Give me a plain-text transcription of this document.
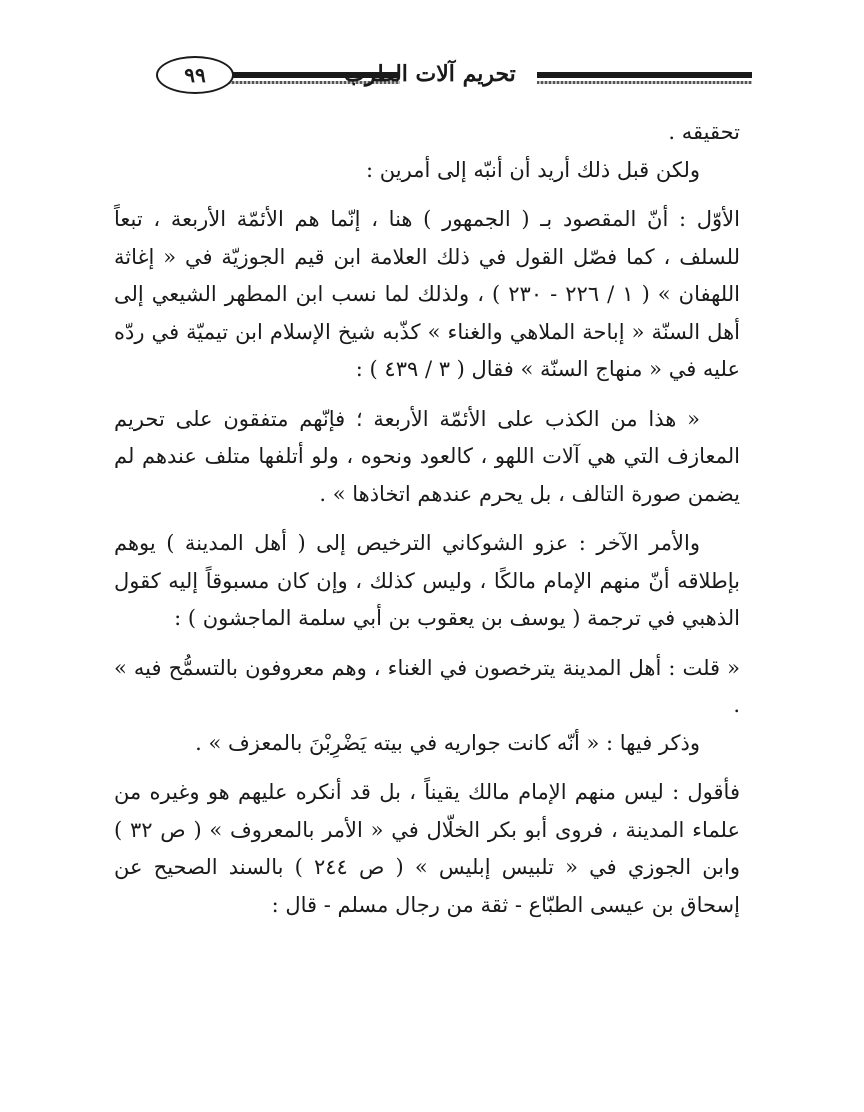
تحريم آلات الطرب
٩٩

تحقيقه .

ولكن قبل ذلك أريد أن أنبّه إلى أمرين :

الأوّل : أنّ المقصود بـ ( الجمهور ) هنا ، إنّما هم الأئمّة الأربعة ، تبعاً للسلف ، كما فصّل القول في ذلك العلامة ابن قيم الجوزيّة في « إغاثة اللهفان » ( ١ / ٢٢٦ - ٢٣٠ ) ، ولذلك لما نسب ابن المطهر الشيعي إلى أهل السنّة « إباحة الملاهي والغناء » كذّبه شيخ الإسلام ابن تيميّة في ردّه عليه في « منهاج السنّة » فقال ( ٣ / ٤٣٩ ) :

« هذا من الكذب على الأئمّة الأربعة ؛ فإنّهم متفقون على تحريم المعازف التي هي آلات اللهو ، كالعود ونحوه ، ولو أتلفها متلف عندهم لم يضمن صورة التالف ، بل يحرم عندهم اتخاذها » .

والأمر الآخر : عزو الشوكاني الترخيص إلى ( أهل المدينة ) يوهم بإطلاقه أنّ منهم الإمام مالكًا ، وليس كذلك ، وإن كان مسبوقاً إليه كقول الذهبي في ترجمة ( يوسف بن يعقوب بن أبي سلمة الماجشون ) :

« قلت : أهل المدينة يترخصون في الغناء ، وهم معروفون بالتسمُّح فيه » .

وذكر فيها : « أنّه كانت جواريه في بيته يَضْرِبْنَ بالمعزف » .

فأقول : ليس منهم الإمام مالك يقيناً ، بل قد أنكره عليهم هو وغيره من علماء المدينة ، فروى أبو بكر الخلّال في « الأمر بالمعروف » ( ص ٣٢ ) وابن الجوزي في « تلبيس إبليس » ( ص ٢٤٤ ) بالسند الصحيح عن إسحاق بن عيسى الطبّاع - ثقة من رجال مسلم - قال :
